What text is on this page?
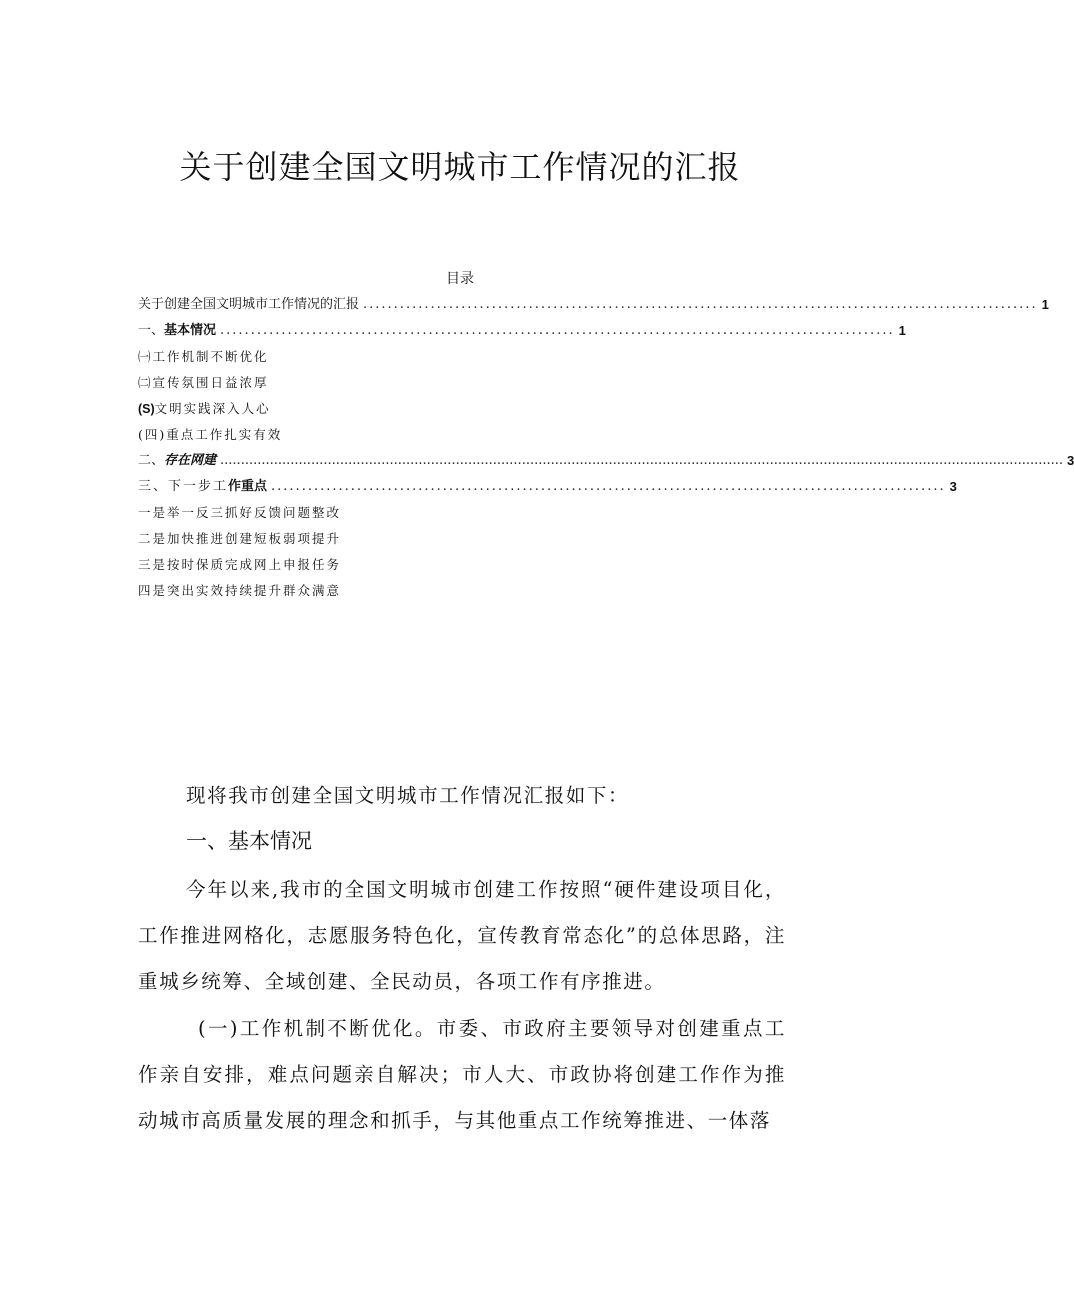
关于创建全国文明城市工作情况的汇报
目录
关于创建全国文明城市工作情况的汇报 .............................................................................................................. 1
一、基本情况 .............................................................................................................. 1
㈠工作机制不断优化
㈡宣传氛围日益浓厚
(S)文明实践深入人心
(四)重点工作扎实有效
二、存在网建 ............................................................................................................................................................................................................ 3
三、下一步工作重点 .............................................................................................................. 3
一是举一反三抓好反馈问题整改
二是加快推进创建短板弱项提升
三是按时保质完成网上申报任务
四是突出实效持续提升群众满意

现将我市创建全国文明城市工作情况汇报如下：

一、基本情况

今年以来,我市的全国文明城市创建工作按照“硬件建设项目化，工作推进网格化，志愿服务特色化，宣传教育常态化”的总体思路，注重城乡统筹、全域创建、全民动员，各项工作有序推进。

(一)工作机制不断优化。市委、市政府主要领导对创建重点工作亲自安排，难点问题亲自解决；市人大、市政协将创建工作作为推动城市高质量发展的理念和抓手，与其他重点工作统筹推进、一体落
